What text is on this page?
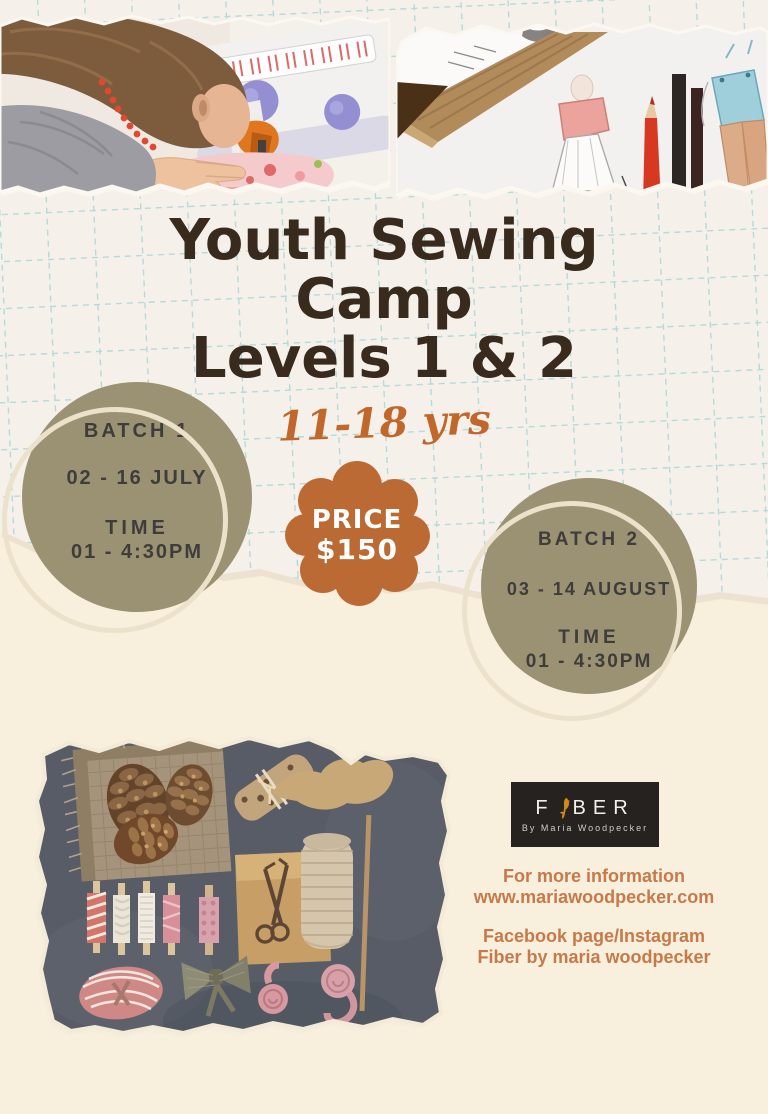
Youth Sewing
Camp
Levels 1 & 2
11-18 yrs
BATCH 1
02 - 16 JULY
TIME
01 - 4:30PM
PRICE
$150	BATCH 2
03 - 14 AUGUST
TIME
01 - 4:30PM
F BER
By Maria Woodpecker
For more information
www.mariawoodpecker.com
Facebook page/Instagram
Fiber by maria woodpecker
